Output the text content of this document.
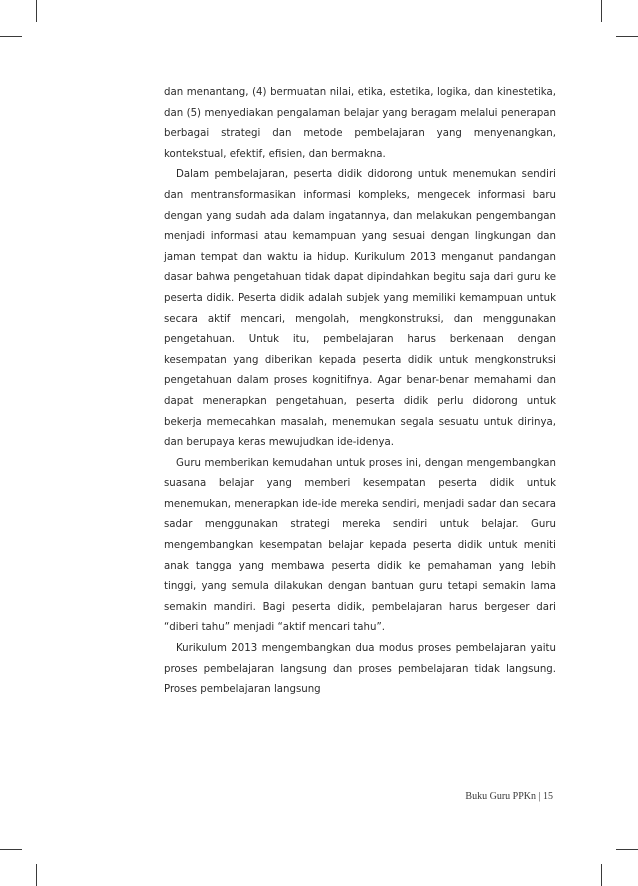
dan menantang, (4) bermuatan nilai, etika, estetika, logika, dan kinestetika, dan (5) menyediakan pengalaman belajar yang beragam melalui penerapan berbagai strategi dan metode pembelajaran yang menyenangkan, kontekstual, efektif, efisien, dan bermakna.

Dalam pembelajaran, peserta didik didorong untuk menemukan sendiri dan mentransformasikan informasi kompleks, mengecek informasi baru dengan yang sudah ada dalam ingatannya, dan melakukan pengembangan menjadi informasi atau kemampuan yang sesuai dengan lingkungan dan jaman tempat dan waktu ia hidup. Kurikulum 2013 menganut pandangan dasar bahwa pengetahuan tidak dapat dipindahkan begitu saja dari guru ke peserta didik. Peserta didik adalah subjek yang memiliki kemampuan untuk secara aktif mencari, mengolah, mengkonstruksi, dan menggunakan pengetahuan. Untuk itu, pembelajaran harus berkenaan dengan kesempatan yang diberikan kepada peserta didik untuk mengkonstruksi pengetahuan dalam proses kognitifnya. Agar benar-benar memahami dan dapat menerapkan pengetahuan, peserta didik perlu didorong untuk bekerja memecahkan masalah, menemukan segala sesuatu untuk dirinya, dan berupaya keras mewujudkan ide-idenya.

Guru memberikan kemudahan untuk proses ini, dengan mengembangkan suasana belajar yang memberi kesempatan peserta didik untuk menemukan, menerapkan ide-ide mereka sendiri, menjadi sadar dan secara sadar menggunakan strategi mereka sendiri untuk belajar. Guru mengembangkan kesempatan belajar kepada peserta didik untuk meniti anak tangga yang membawa peserta didik ke pemahaman yang lebih tinggi, yang semula dilakukan dengan bantuan guru tetapi semakin lama semakin mandiri. Bagi peserta didik, pembelajaran harus bergeser dari “diberi tahu” menjadi “aktif mencari tahu”.

Kurikulum 2013 mengembangkan dua modus proses pembelajaran yaitu proses pembelajaran langsung dan proses pembelajaran tidak langsung. Proses pembelajaran langsung

Buku Guru PPKn | 15
